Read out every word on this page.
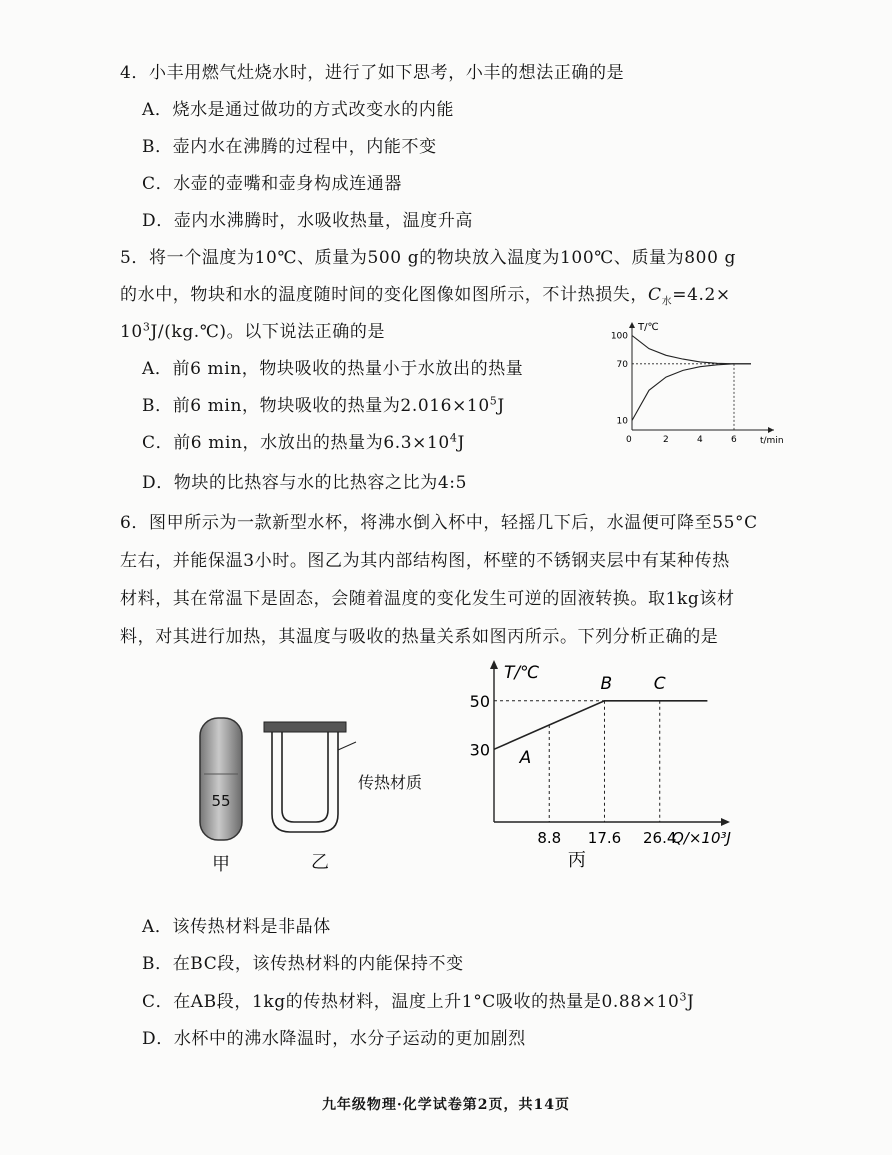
4．小丰用燃气灶烧水时，进行了如下思考，小丰的想法正确的是
A．烧水是通过做功的方式改变水的内能
B．壶内水在沸腾的过程中，内能不变
C．水壶的壶嘴和壶身构成连通器
D．壶内水沸腾时，水吸收热量，温度升高
5．将一个温度为10℃、质量为500 g的物块放入温度为100℃、质量为800 g
的水中，物块和水的温度随时间的变化图像如图所示，不计热损失，$C_水=4.2\times$
$10^3J/(kg.℃)$。以下说法正确的是
A．前6 min，物块吸收的热量小于水放出的热量
B．前6 min，物块吸收的热量为$2.016\times 10^5J$
C．前6 min，水放出的热量为$6.3\times 10^4J$
D．物块的比热容与水的比热容之比为4:5
T/℃
t/min
0	2	4	6
10
70
100
6．图甲所示为一款新型水杯，将沸水倒入杯中，轻摇几下后，水温便可降至55°C
左右，并能保温3小时。图乙为其内部结构图，杯壁的不锈钢夹层中有某种传热
材料，其在常温下是固态，会随着温度的变化发生可逆的固液转换。取1kg该材
料，对其进行加热，其温度与吸收的热量关系如图丙所示。下列分析正确的是
55
甲
传热材质
乙
T/℃
Q/×10³J
30
50
8.8 17.6 26.4
A
B C
丙
A．该传热材料是非晶体
B．在BC段，该传热材料的内能保持不变
C．在AB段，1kg的传热材料，温度上升1°C吸收的热量是$0.88\times 10^3J$
D．水杯中的沸水降温时，水分子运动的更加剧烈
九年级物理·化学试卷第2页，共14页
